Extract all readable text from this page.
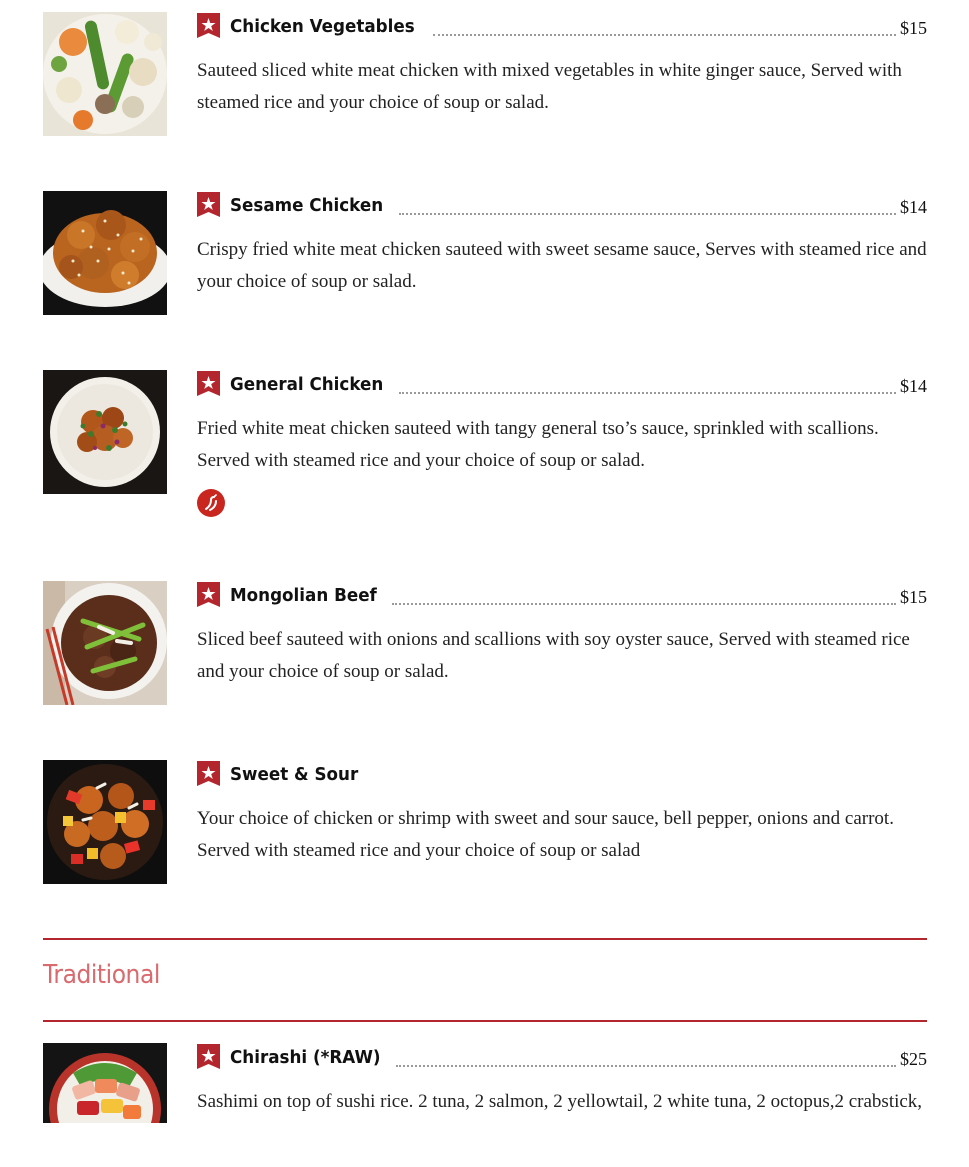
Chicken Vegetables	$15
Sauteed sliced white meat chicken with mixed vegetables in white ginger sauce, Served with steamed rice and your choice of soup or salad.
Sesame Chicken	$14
Crispy fried white meat chicken sauteed with sweet sesame sauce, Serves with steamed rice and your choice of soup or salad.
General Chicken	$14
Fried white meat chicken sauteed with tangy general tso’s sauce, sprinkled with scallions. Served with steamed rice and your choice of soup or salad.
Mongolian Beef	$15
Sliced beef sauteed with onions and scallions with soy oyster sauce, Served with steamed rice and your choice of soup or salad.
Sweet & Sour
Your choice of chicken or shrimp with sweet and sour sauce, bell pepper, onions and carrot. Served with steamed rice and your choice of soup or salad
Traditional
Chirashi (*RAW)	$25
Sashimi on top of sushi rice. 2 tuna, 2 salmon, 2 yellowtail, 2 white tuna, 2 octopus,2 crabstick,
